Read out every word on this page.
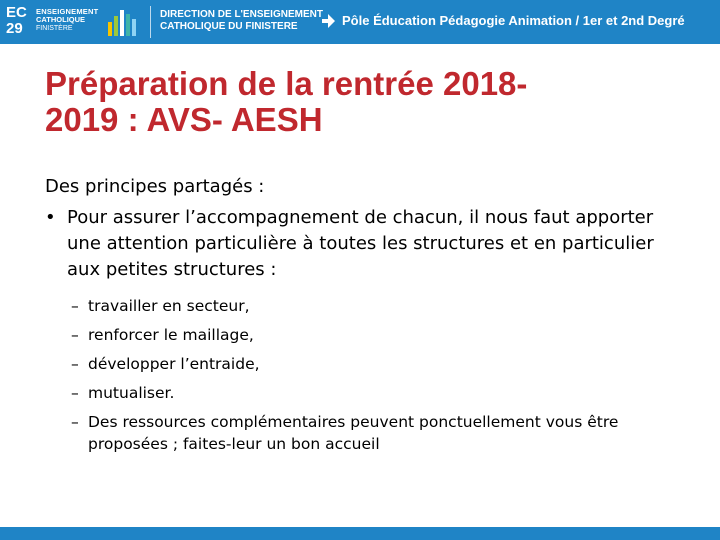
EC
29
ENSEIGNEMENT
CATHOLIQUE
FINISTÈRE
DIRECTION DE L'ENSEIGNEMENT
CATHOLIQUE DU FINISTERE	Pôle Éducation Pédagogie Animation / 1er et 2nd Degré
Préparation de la rentrée 2018-
2019 : AVS- AESH

Des principes partagés :

• Pour assurer l’accompagnement de chacun, il nous faut apporter une attention particulière à toutes les structures et en particulier aux petites structures :

– travailler en secteur,
– renforcer le maillage,
– développer l’entraide,
– mutualiser.
– Des ressources complémentaires peuvent ponctuellement vous être proposées ; faites-leur un bon accueil
